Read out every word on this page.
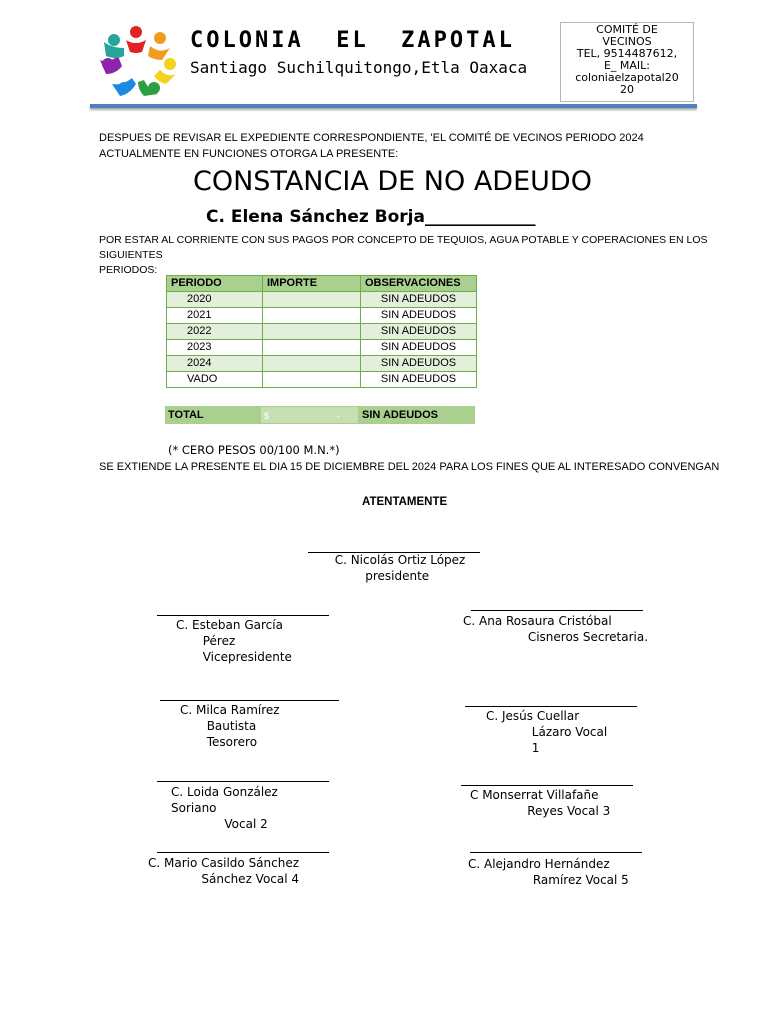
COLONIA  EL  ZAPOTAL
Santiago Suchilquitongo,Etla Oaxaca
COMITÉ DE
VECINOS
TEL, 9514487612,
E_ MAIL:
coloniaelzapotal20
20
DESPUES DE REVISAR EL EXPEDIENTE CORRESPONDIENTE, 'EL COMITÉ DE VECINOS PERIODO 2024
ACTUALMENTE EN FUNCIONES OTORGA LA PRESENTE:
CONSTANCIA DE NO ADEUDO
C. Elena Sánchez Borja_____________
POR ESTAR AL CORRIENTE CON SUS PAGOS POR CONCEPTO DE TEQUIOS, AGUA POTABLE Y COPERACIONES EN LOS SIGUIENTES
PERIODOS:
PERIODO	IMPORTE	OBSERVACIONES
2020		SIN ADEUDOS
2021		SIN ADEUDOS
2022		SIN ADEUDOS
2023		SIN ADEUDOS
2024		SIN ADEUDOS
VADO		SIN ADEUDOS
TOTAL	$	- SIN ADEUDOS
(* CERO PESOS 00/100 M.N.*)
SE EXTIENDE LA PRESENTE EL DIA 15 DE DICIEMBRE DEL 2024 PARA LOS FINES QUE AL INTERESADO CONVENGAN
ATENTAMENTE
C. Nicolás Ortiz López
presidente
C. Esteban García
Pérez
Vicepresidente
C. Ana Rosaura Cristóbal
Cisneros Secretaria.
C. Milca Ramírez
Bautista
Tesorero
C. Jesús Cuellar
Lázaro Vocal
1
C. Loida González
Soriano
Vocal 2
C Monserrat Villafañe
Reyes Vocal 3
C. Mario Casildo Sánchez
Sánchez Vocal 4
C. Alejandro Hernández
Ramírez Vocal 5
